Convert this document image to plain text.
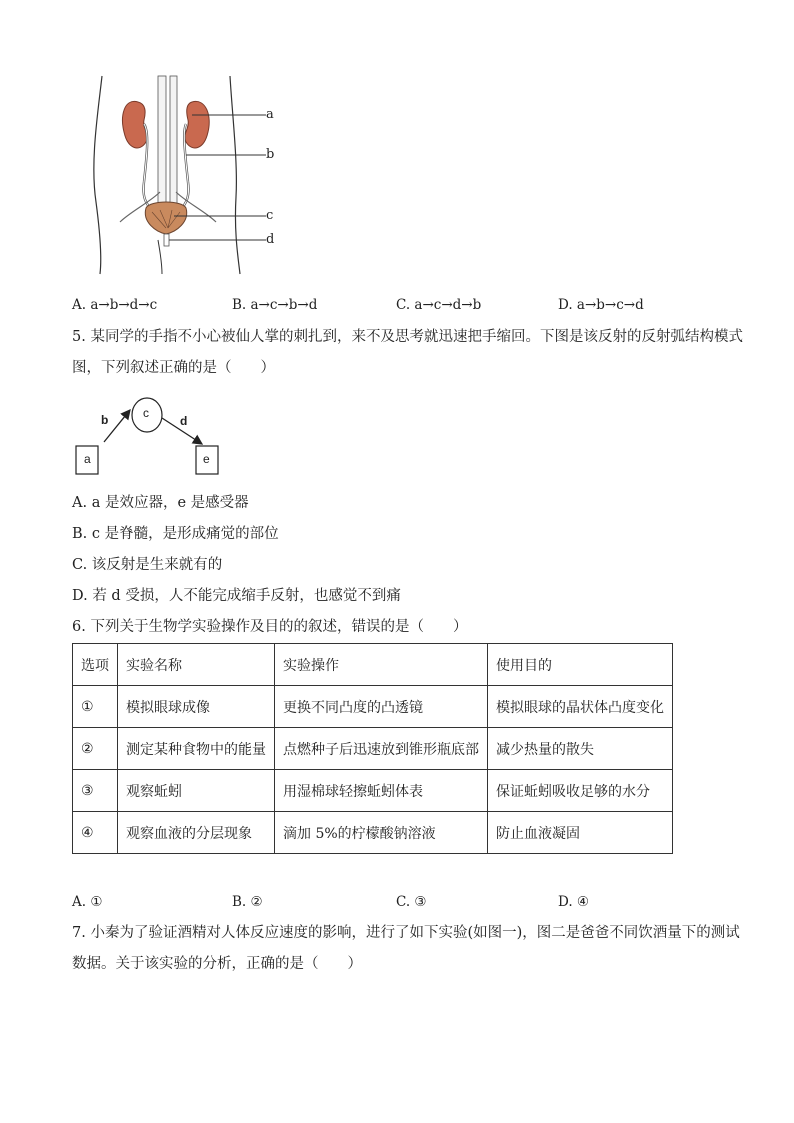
a
b
c
d
A. a→b→d→c	B. a→c→b→d	C. a→c→d→b	D. a→b→c→d
5. 某同学的手指不小心被仙人掌的刺扎到，来不及思考就迅速把手缩回。下图是该反射的反射弧结构模式
图，下列叙述正确的是（　　）
a
b	c
d
e
A. a 是效应器，e 是感受器
B. c 是脊髓，是形成痛觉的部位
C. 该反射是生来就有的
D. 若 d 受损，人不能完成缩手反射，也感觉不到痛
6. 下列关于生物学实验操作及目的的叙述，错误的是（　　）
选项	实验名称	实验操作	使用目的
①	模拟眼球成像	更换不同凸度的凸透镜	模拟眼球的晶状体凸度变化
②	测定某种食物中的能量	点燃种子后迅速放到锥形瓶底部	减少热量的散失
③	观察蚯蚓	用湿棉球轻擦蚯蚓体表	保证蚯蚓吸收足够的水分
④	观察血液的分层现象	滴加 5%的柠檬酸钠溶液	防止血液凝固
A. ①	B. ②	C. ③	D. ④
7. 小秦为了验证酒精对人体反应速度的影响，进行了如下实验(如图一)，图二是爸爸不同饮酒量下的测试
数据。关于该实验的分析，正确的是（　　）
